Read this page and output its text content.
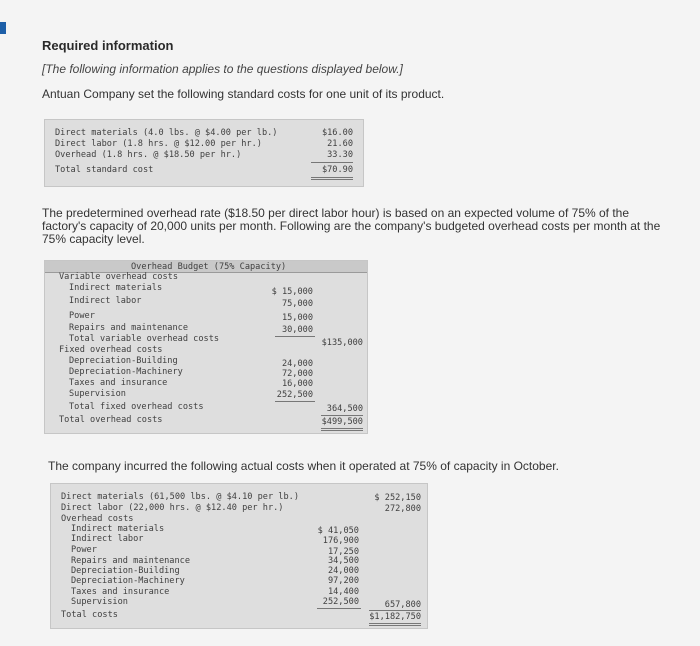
Required information
[The following information applies to the questions displayed below.]
Antuan Company set the following standard costs for one unit of its product.
Direct materials (4.0 lbs. @ $4.00 per lb.)	$16.00
Direct labor (1.8 hrs. @ $12.00 per hr.)	21.60
Overhead (1.8 hrs. @ $18.50 per hr.)	33.30
Total standard cost	$70.90
The predetermined overhead rate ($18.50 per direct labor hour) is based on an expected volume of 75% of the factory's capacity of 20,000 units per month. Following are the company's budgeted overhead costs per month at the 75% capacity level.
Overhead Budget (75% Capacity)
Variable overhead costs
Indirect materials	$ 15,000
Indirect labor	75,000
Power	15,000
Repairs and maintenance	30,000
Total variable overhead costs	$135,000
Fixed overhead costs
Depreciation-Building	24,000
Depreciation-Machinery	72,000
Taxes and insurance	16,000
Supervision	252,500
Total fixed overhead costs	364,500
Total overhead costs	$499,500
The company incurred the following actual costs when it operated at 75% of capacity in October.
Direct materials (61,500 lbs. @ $4.10 per lb.)	$ 252,150
Direct labor (22,000 hrs. @ $12.40 per hr.)	272,800
Overhead costs
Indirect materials	$ 41,050
Indirect labor	176,900
Power	17,250
Repairs and maintenance	34,500
Depreciation-Building	24,000
Depreciation-Machinery	97,200
Taxes and insurance	14,400
Supervision	252,500	657,800
Total costs	$1,182,750
